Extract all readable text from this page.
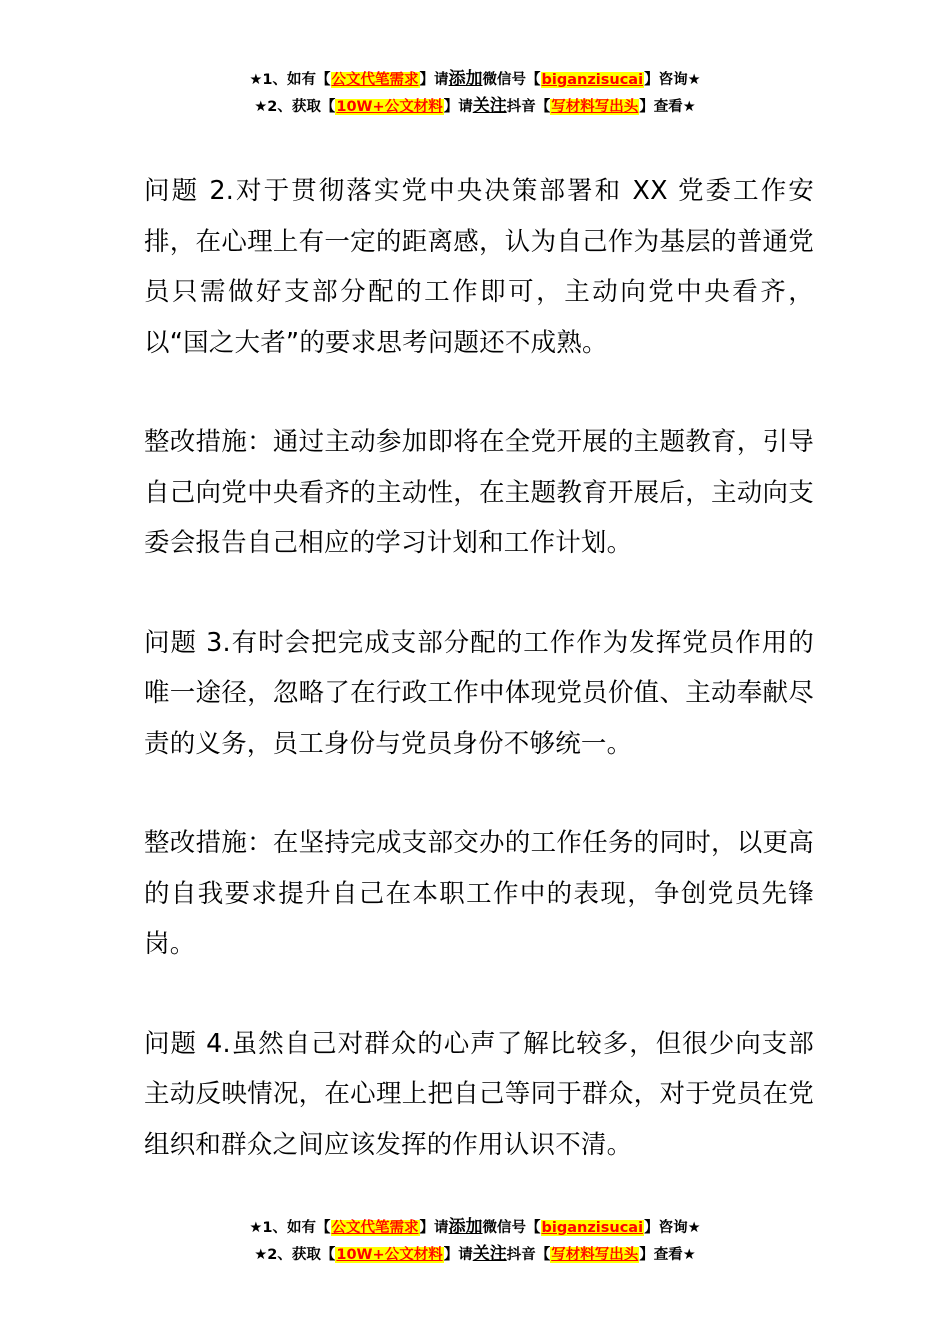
★1、如有【公文代笔需求】请添加微信号【biganzisucai】咨询★
★2、获取【10W+公文材料】请关注抖音【写材料写出头】查看★

问题 2.对于贯彻落实党中央决策部署和 XX 党委工作安排，在心理上有一定的距离感，认为自己作为基层的普通党员只需做好支部分配的工作即可，主动向党中央看齐，以“国之大者”的要求思考问题还不成熟。

整改措施：通过主动参加即将在全党开展的主题教育，引导自己向党中央看齐的主动性，在主题教育开展后，主动向支委会报告自己相应的学习计划和工作计划。

问题 3.有时会把完成支部分配的工作作为发挥党员作用的唯一途径，忽略了在行政工作中体现党员价值、主动奉献尽责的义务，员工身份与党员身份不够统一。

整改措施：在坚持完成支部交办的工作任务的同时，以更高的自我要求提升自己在本职工作中的表现，争创党员先锋岗。

问题 4.虽然自己对群众的心声了解比较多，但很少向支部主动反映情况，在心理上把自己等同于群众，对于党员在党组织和群众之间应该发挥的作用认识不清。

★1、如有【公文代笔需求】请添加微信号【biganzisucai】咨询★
★2、获取【10W+公文材料】请关注抖音【写材料写出头】查看★
